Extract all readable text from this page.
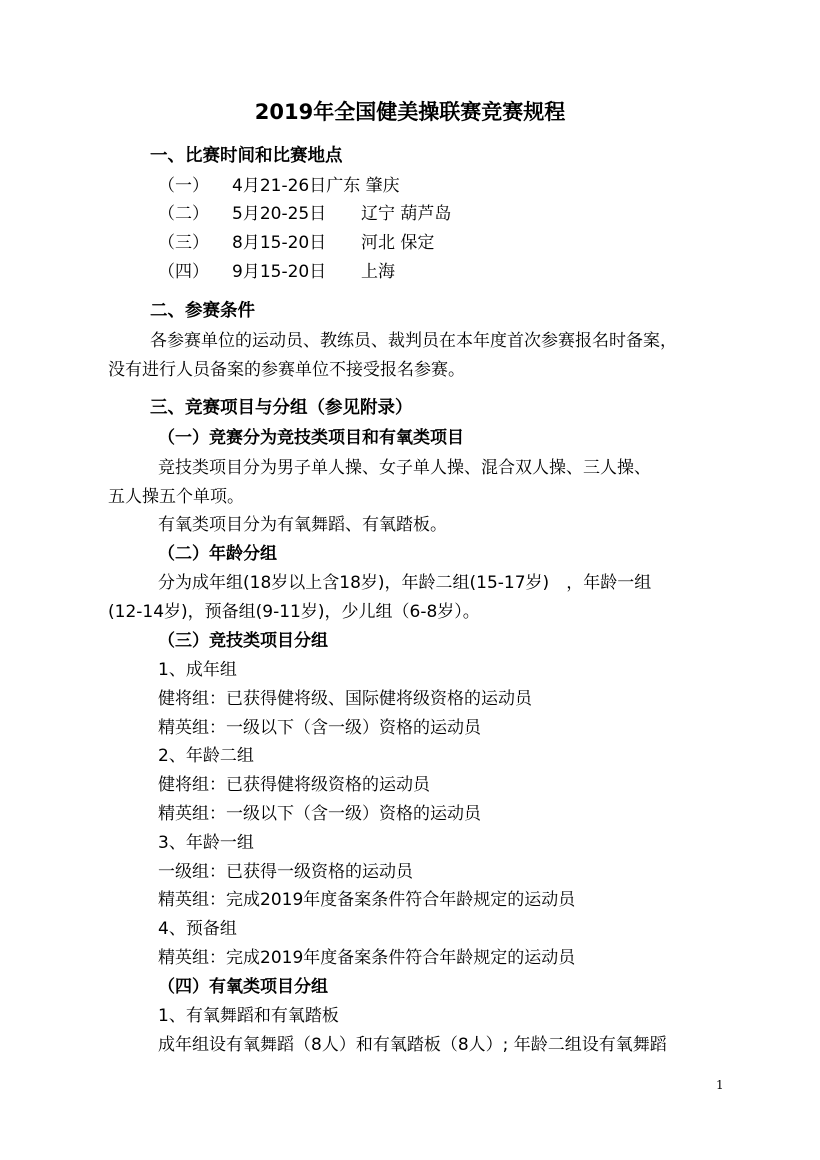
2019年全国健美操联赛竞赛规程
一、比赛时间和比赛地点
（一） 4月21-26日广东 肇庆
（二） 5月20-25日 辽宁 葫芦岛
（三） 8月15-20日 河北 保定
（四） 9月15-20日 上海
二、参赛条件
各参赛单位的运动员、教练员、裁判员在本年度首次参赛报名时备案，
没有进行人员备案的参赛单位不接受报名参赛。
三、竞赛项目与分组（参见附录）
（一）竞赛分为竞技类项目和有氧类项目
竞技类项目分为男子单人操、女子单人操、混合双人操、三人操、
五人操五个单项。
有氧类项目分为有氧舞蹈、有氧踏板。
（二）年龄分组
分为成年组(18岁以上含18岁)，年龄二组(15-17岁)　，年龄一组
(12-14岁)，预备组(9-11岁)，少儿组（6-8岁）。
（三）竞技类项目分组
1、成年组
健将组：已获得健将级、国际健将级资格的运动员
精英组：一级以下（含一级）资格的运动员
2、年龄二组
健将组：已获得健将级资格的运动员
精英组：一级以下（含一级）资格的运动员
3、年龄一组
一级组：已获得一级资格的运动员
精英组：完成2019年度备案条件符合年龄规定的运动员
4、预备组
精英组：完成2019年度备案条件符合年龄规定的运动员
（四）有氧类项目分组
1、有氧舞蹈和有氧踏板
成年组设有氧舞蹈（8人）和有氧踏板（8人）; 年龄二组设有氧舞蹈
1
